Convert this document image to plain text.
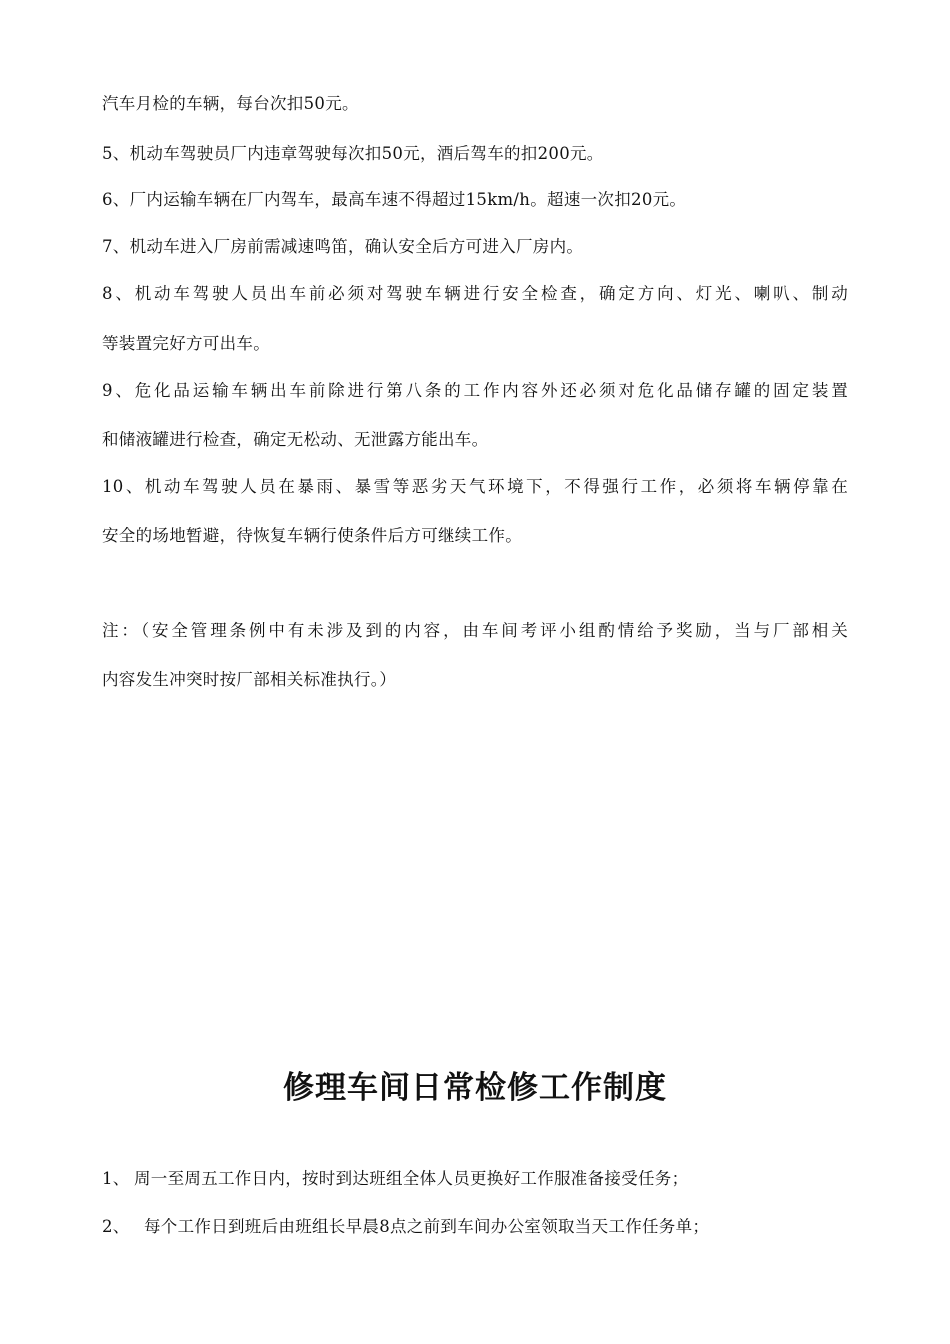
汽车月检的车辆，每台次扣50元。
5、机动车驾驶员厂内违章驾驶每次扣50元，酒后驾车的扣200元。
6、厂内运输车辆在厂内驾车，最高车速不得超过15km/h。超速一次扣20元。
7、机动车进入厂房前需减速鸣笛，确认安全后方可进入厂房内。
8、机动车驾驶人员出车前必须对驾驶车辆进行安全检查，确定方向、灯光、喇叭、制动
等装置完好方可出车。
9、危化品运输车辆出车前除进行第八条的工作内容外还必须对危化品储存罐的固定装置
和储液罐进行检查，确定无松动、无泄露方能出车。
10、机动车驾驶人员在暴雨、暴雪等恶劣天气环境下，不得强行工作，必须将车辆停靠在
安全的场地暂避，待恢复车辆行使条件后方可继续工作。
注：（安全管理条例中有未涉及到的内容，由车间考评小组酌情给予奖励，当与厂部相关
内容发生冲突时按厂部相关标准执行。）
修理车间日常检修工作制度
1、 周一至周五工作日内，按时到达班组全体人员更换好工作服准备接受任务；
2、 每个工作日到班后由班组长早晨8点之前到车间办公室领取当天工作任务单；
